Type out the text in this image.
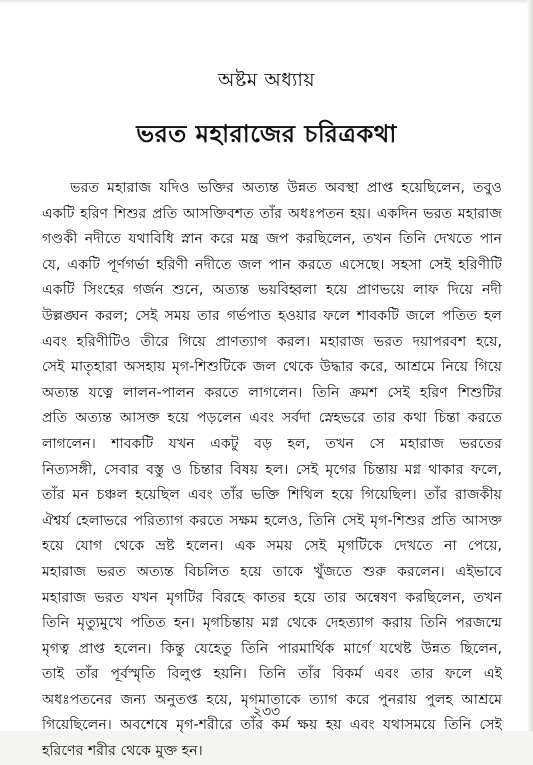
অষ্টম অধ্যায়
ভরত মহারাজের চরিত্রকথা
ভরত মহারাজ যদিও ভক্তির অত্যন্ত উন্নত অবস্থা প্রাপ্ত হয়েছিলেন, তবুও
একটি হরিণ শিশুর প্রতি আসক্তিবশত তাঁর অধঃপতন হয়। একদিন ভরত মহারাজ
গণ্ডকী নদীতে যথাবিধি স্নান করে মন্ত্র জপ করছিলেন, তখন তিনি দেখতে পান
যে, একটি পূর্ণগর্ভা হরিণী নদীতে জল পান করতে এসেছে। সহসা সেই হরিণীটি
একটি সিংহের গর্জন শুনে, অত্যন্ত ভয়বিহ্বলা হয়ে প্রাণভয়ে লাফ দিয়ে নদী
উল্লঙ্ঘন করল; সেই সময় তার গর্ভপাত হওয়ার ফলে শাবকটি জলে পতিত হল
এবং হরিণীটিও তীরে গিয়ে প্রাণত্যাগ করল। মহারাজ ভরত দয়াপরবশ হয়ে,
সেই মাতৃহারা অসহায় মৃগ-শিশুটিকে জল থেকে উদ্ধার করে, আশ্রমে নিয়ে গিয়ে
অত্যন্ত যত্নে লালন-পালন করতে লাগলেন। তিনি ক্রমশ সেই হরিণ শিশুটির
প্রতি অত্যন্ত আসক্ত হয়ে পড়লেন এবং সর্বদা স্নেহভরে তার কথা চিন্তা করতে
লাগলেন। শাবকটি যখন একটু বড় হল, তখন সে মহারাজ ভরতের
নিত্যসঙ্গী, সেবার বস্তু ও চিন্তার বিষয় হল। সেই মৃগের চিন্তায় মগ্ন থাকার ফলে,
তাঁর মন চঞ্চল হয়েছিল এবং তাঁর ভক্তি শিথিল হয়ে গিয়েছিল। তাঁর রাজকীয়
ঐশ্বর্য হেলাভরে পরিত্যাগ করতে সক্ষম হলেও, তিনি সেই মৃগ-শিশুর প্রতি আসক্ত
হয়ে যোগ থেকে ভ্রষ্ট হলেন। এক সময় সেই মৃগটিকে দেখতে না পেয়ে,
মহারাজ ভরত অত্যন্ত বিচলিত হয়ে তাকে খুঁজতে শুরু করলেন। এইভাবে
মহারাজ ভরত যখন মৃগটির বিরহে কাতর হয়ে তার অন্বেষণ করছিলেন, তখন
তিনি মৃত্যুমুখে পতিত হন। মৃগচিন্তায় মগ্ন থেকে দেহত্যাগ করায় তিনি পরজন্মে
মৃগত্ব প্রাপ্ত হলেন। কিন্তু যেহেতু তিনি পারমার্থিক মার্গে যথেষ্ট উন্নত ছিলেন,
তাই তাঁর পূর্বস্মৃতি বিলুপ্ত হয়নি। তিনি তাঁর বিকর্ম এবং তার ফলে এই
অধঃপতনের জন্য অনুতপ্ত হয়ে, মৃগমাতাকে ত্যাগ করে পুনরায় পুলহ আশ্রমে
গিয়েছিলেন। অবশেষে মৃগ-শরীরে তাঁর কর্ম ক্ষয় হয় এবং যথাসময়ে তিনি সেই
হরিণের শরীর থেকে মুক্ত হন।
২৩৩
